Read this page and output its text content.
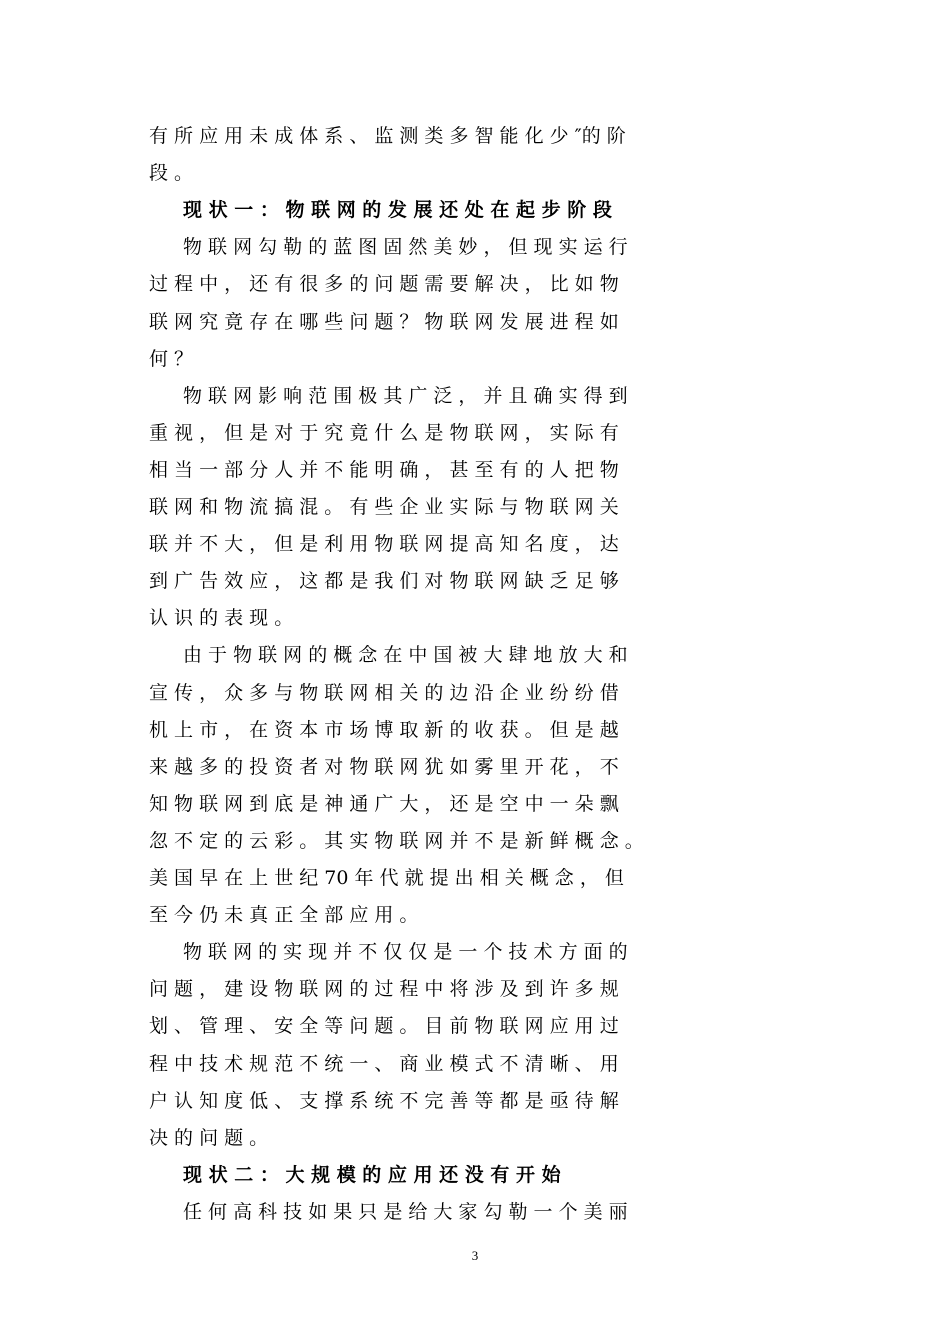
有 所 应 用 未 成 体 系 、 监 测 类 多 智 能 化 少 ″的 阶
段 。
现 状 一 ： 物 联 网 的 发 展 还 处 在 起 步 阶 段
物 联 网 勾 勒 的 蓝 图 固 然 美 妙 ， 但 现 实 运 行
过 程 中 ， 还 有 很 多 的 问 题 需 要 解 决 ， 比 如 物
联 网 究 竟 存 在 哪 些 问 题 ？ 物 联 网 发 展 进 程 如
何 ？
物 联 网 影 响 范 围 极 其 广 泛 ， 并 且 确 实 得 到
重 视 ， 但 是 对 于 究 竟 什 么 是 物 联 网 ， 实 际 有
相 当 一 部 分 人 并 不 能 明 确 ， 甚 至 有 的 人 把 物
联 网 和 物 流 搞 混 。 有 些 企 业 实 际 与 物 联 网 关
联 并 不 大 ， 但 是 利 用 物 联 网 提 高 知 名 度 ， 达
到 广 告 效 应 ， 这 都 是 我 们 对 物 联 网 缺 乏 足 够
认 识 的 表 现 。
由 于 物 联 网 的 概 念 在 中 国 被 大 肆 地 放 大 和
宣 传 ， 众 多 与 物 联 网 相 关 的 边 沿 企 业 纷 纷 借
机 上 市 ， 在 资 本 市 场 博 取 新 的 收 获 。 但 是 越
来 越 多 的 投 资 者 对 物 联 网 犹 如 雾 里 开 花 ， 不
知 物 联 网 到 底 是 神 通 广 大 ， 还 是 空 中 一 朵 飘
忽 不 定 的 云 彩 。 其 实 物 联 网 并 不 是 新 鲜 概 念 。
美 国 早 在 上 世 纪 70 年 代 就 提 出 相 关 概 念 ， 但
至 今 仍 未 真 正 全 部 应 用 。
物 联 网 的 实 现 并 不 仅 仅 是 一 个 技 术 方 面 的
问 题 ， 建 设 物 联 网 的 过 程 中 将 涉 及 到 许 多 规
划 、 管 理 、 安 全 等 问 题 。 目 前 物 联 网 应 用 过
程 中 技 术 规 范 不 统 一 、 商 业 模 式 不 清 晰 、 用
户 认 知 度 低 、 支 撑 系 统 不 完 善 等 都 是 亟 待 解
决 的 问 题 。
现 状 二 ： 大 规 模 的 应 用 还 没 有 开 始
任 何 高 科 技 如 果 只 是 给 大 家 勾 勒 一 个 美 丽
3
